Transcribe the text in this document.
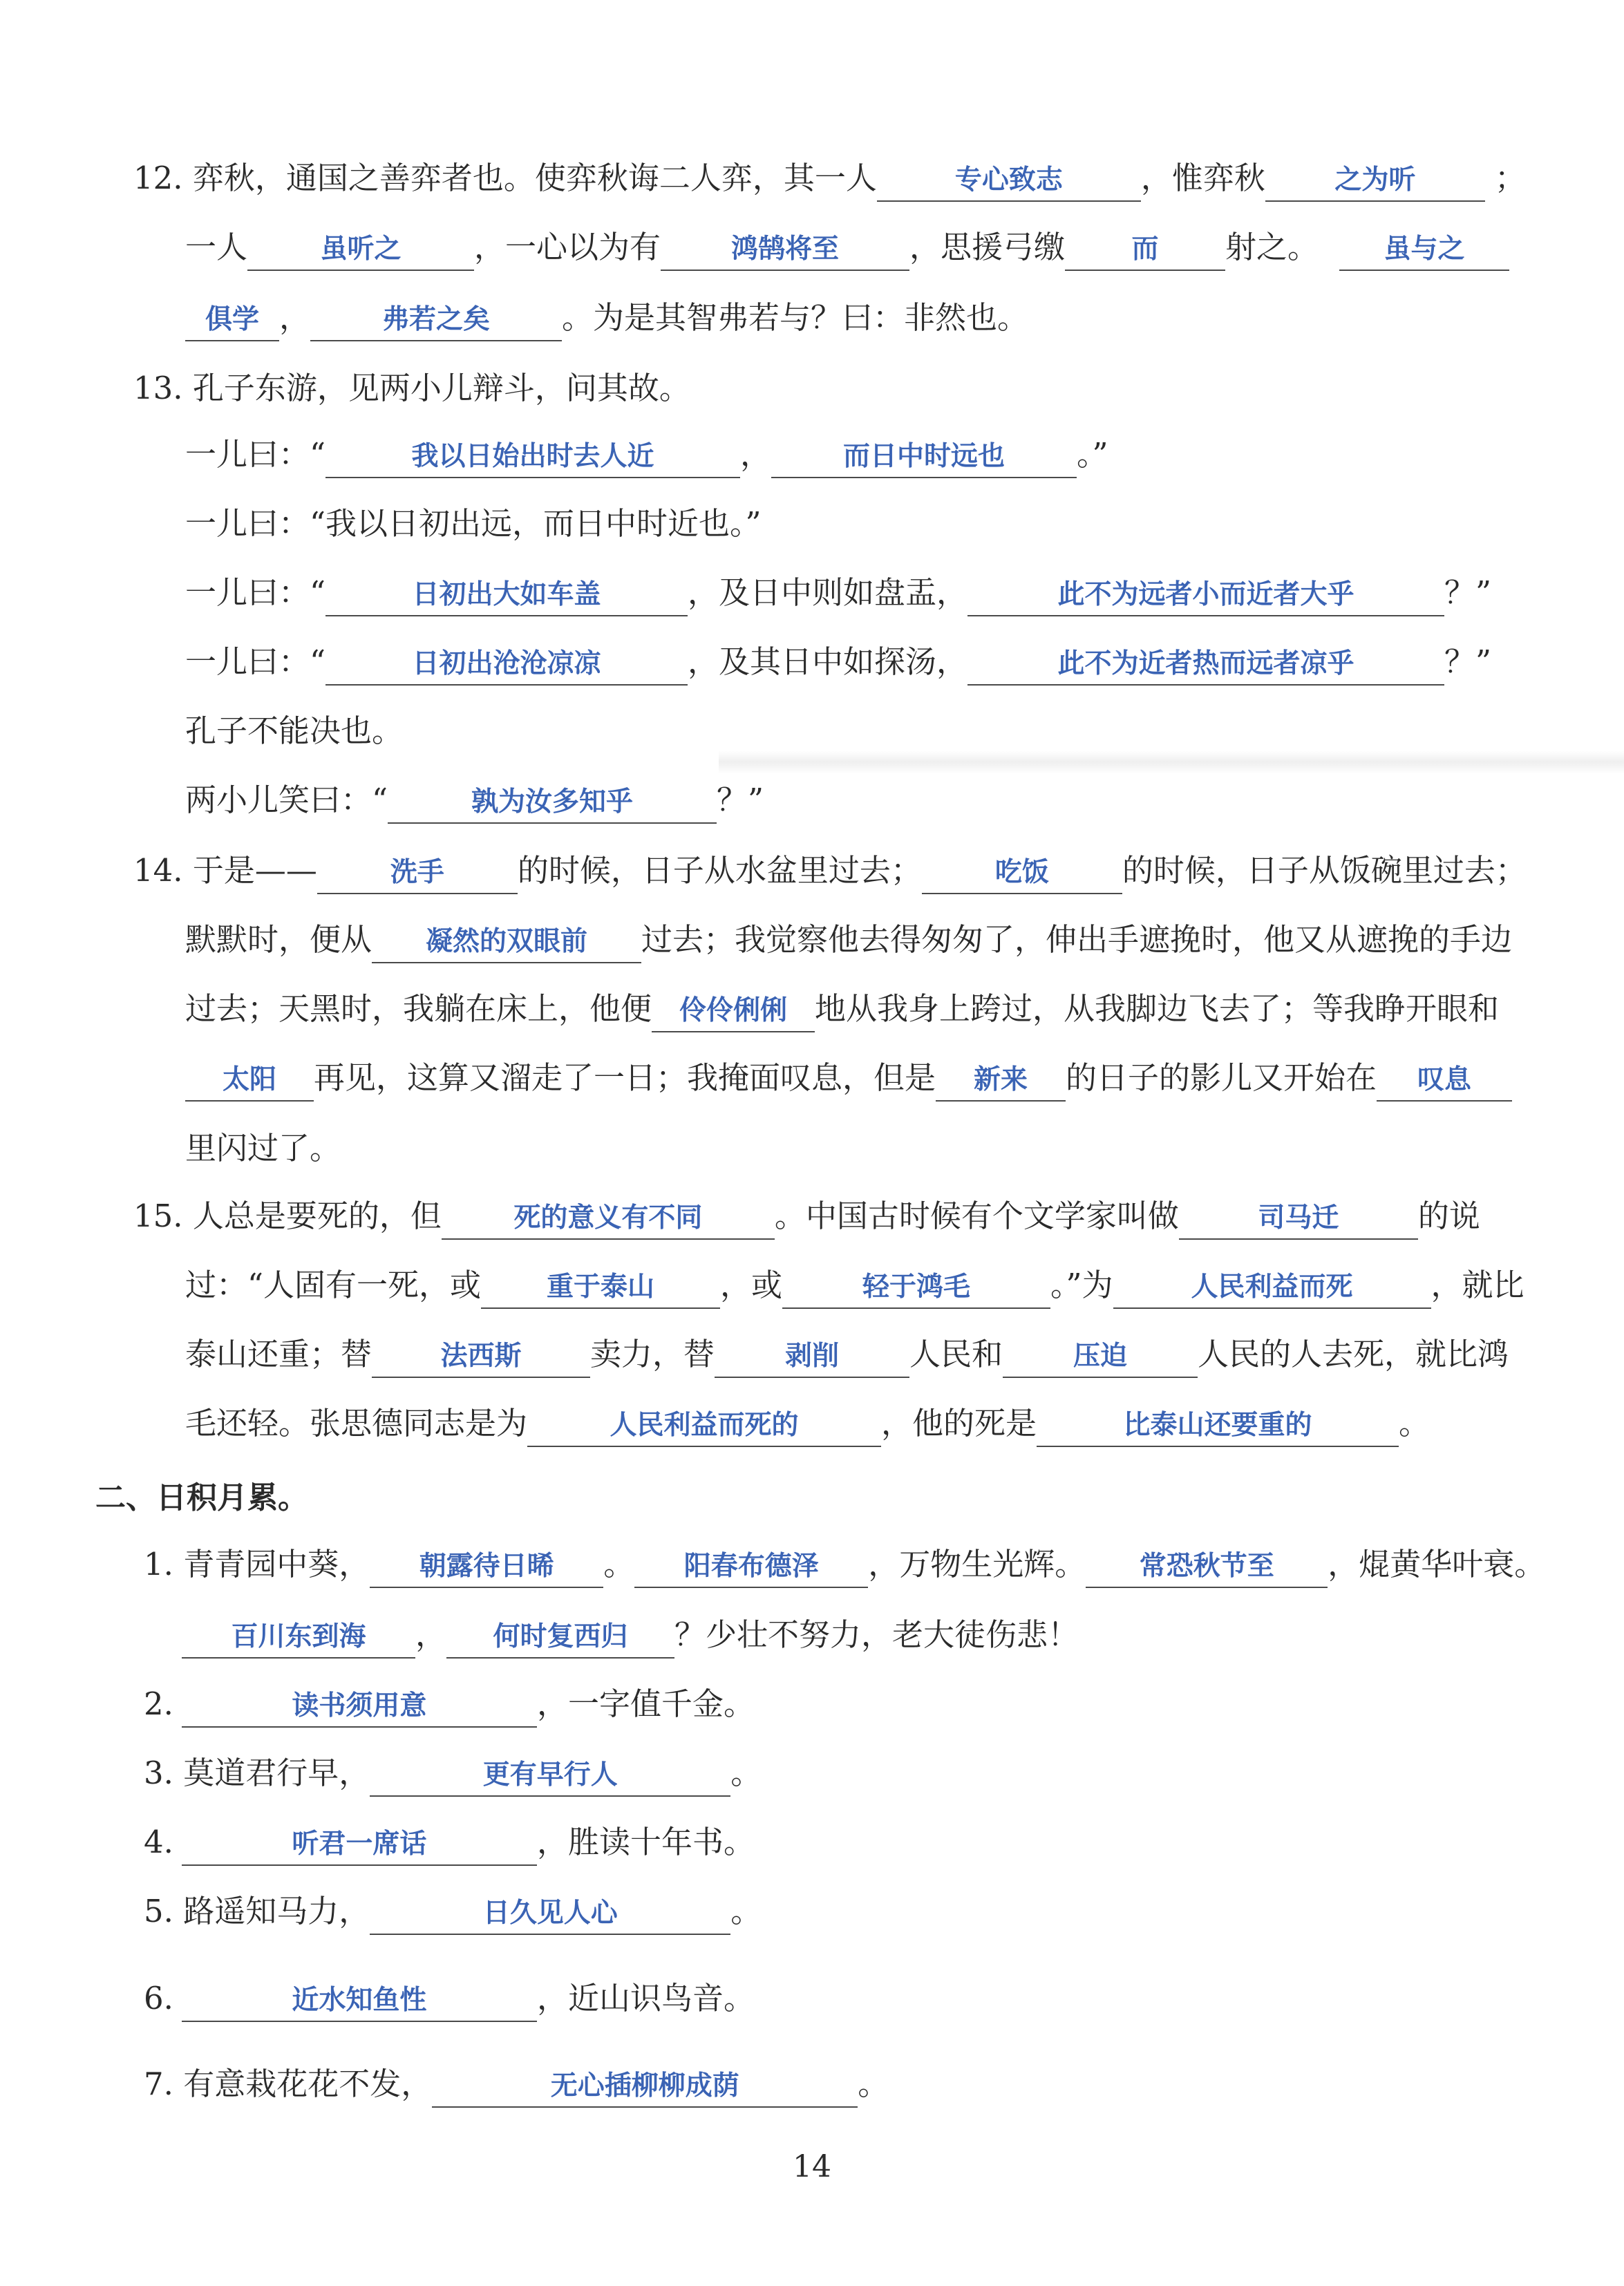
12. 弈秋，通国之善弈者也。使弈秋诲二人弈，其一人	专心致志	，惟弈秋	之为听	；
一人	虽听之 ，一心以为有	鸿鹄将至 ，思援弓缴 而 射之。 虽与之
俱学 ，	弗若之矣 。为是其智弗若与？曰：非然也。
13. 孔子东游，见两小儿辩斗，问其故。
一儿曰：“	我以日始出时去人近	，	而日中时远也 。”
一儿曰：“我以日初出远，而日中时近也。”
一儿曰：“	日初出大如车盖	，及日中则如盘盂，	此不为远者小而近者大乎	？”
一儿曰：“	日初出沧沧凉凉	，及其日中如探汤，	此不为近者热而远者凉乎	？”
孔子不能决也。
两小儿笑曰：“	孰为汝多知乎	？”
14. 于是——	洗手 的时候，日子从水盆里过去；	吃饭 的时候，日子从饭碗里过去；
默默时，便从 凝然的双眼前 过去；我觉察他去得匆匆了，伸出手遮挽时，他又从遮挽的手边
过去；天黑时，我躺在床上，他便 伶伶俐俐 地从我身上跨过，从我脚边飞去了；等我睁开眼和
太阳 再见，这算又溜走了一日；我掩面叹息，但是 新来 的日子的影儿又开始在 叹息
里闪过了。
15. 人总是要死的，但	死的意义有不同 。中国古时候有个文学家叫做	司马迁	的说
过：“人固有一死，或 重于泰山 ，或	轻于鸿毛	。”为	人民利益而死	，就比
泰山还重；替	法西斯 卖力，替	剥削 人民和	压迫 人民的人去死，就比鸿
毛还轻。张思德同志是为	人民利益而死的	，他的死是	比泰山还要重的	。
二、日积月累。
1. 青青园中葵， 朝露待日晞 。 阳春布德泽 ，万物生光辉。 常恐秋节至 ，焜黄华叶衰。
百川东到海 ， 何时复西归 ？少壮不努力，老大徒伤悲！
2.	读书须用意	，一字值千金。
3. 莫道君行早，	更有早行人	。
4.	听君一席话	，胜读十年书。
5. 路遥知马力，	日久见人心	。
6.	近水知鱼性	，近山识鸟音。
7. 有意栽花花不发，	无心插柳柳成荫	。
14
